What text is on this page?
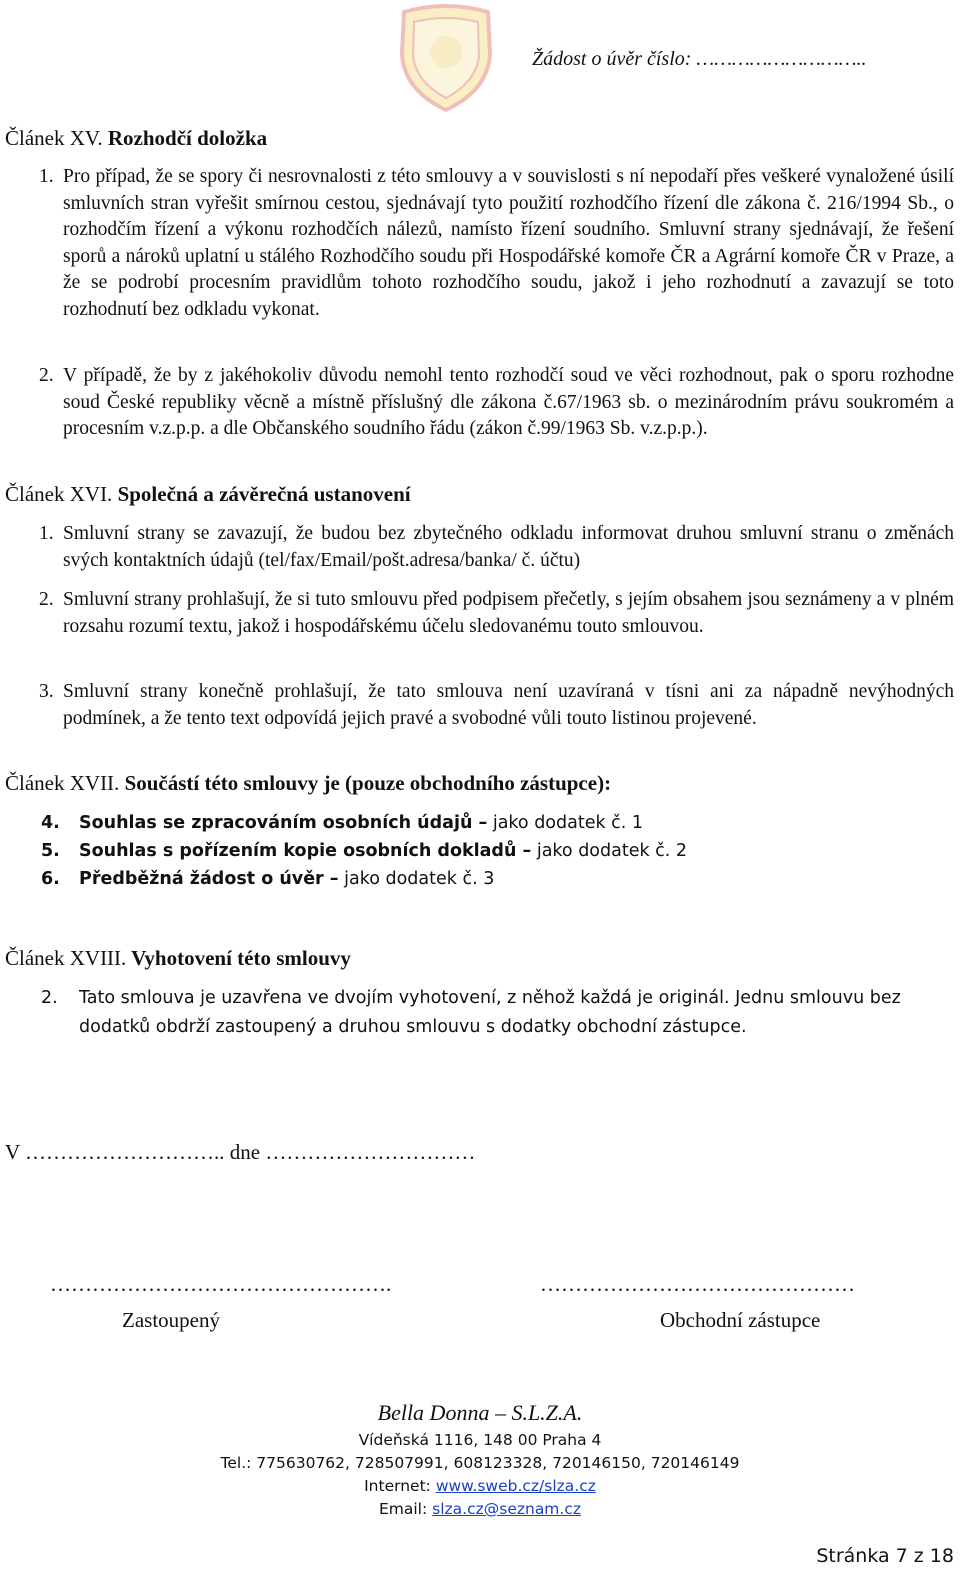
Žádost o úvěr číslo: ………………………..
Článek XV. Rozhodčí doložka

1. Pro případ, že se spory či nesrovnalosti z této smlouvy a v souvislosti s ní nepodaří přes veškeré vynaložené úsilí smluvních stran vyřešit smírnou cestou, sjednávají tyto použití rozhodčího řízení dle zákona č. 216/1994 Sb., o rozhodčím řízení a výkonu rozhodčích nálezů, namísto řízení soudního. Smluvní strany sjednávají, že řešení sporů a nároků uplatní u stálého Rozhodčího soudu při Hospodářské komoře ČR a Agrární komoře ČR v Praze, a že se podrobí procesním pravidlům tohoto rozhodčího soudu, jakož i jeho rozhodnutí a zavazují se toto rozhodnutí bez odkladu vykonat.

2. V případě, že by z jakéhokoliv důvodu nemohl tento rozhodčí soud ve věci rozhodnout, pak o sporu rozhodne soud České republiky věcně a místně příslušný dle zákona č.67/1963 sb. o mezinárodním právu soukromém a procesním v.z.p.p. a dle Občanského soudního řádu (zákon č.99/1963 Sb. v.z.p.p.).

Článek XVI. Společná a závěrečná ustanovení

1. Smluvní strany se zavazují, že budou bez zbytečného odkladu informovat druhou smluvní stranu o změnách svých kontaktních údajů (tel/fax/Email/pošt.adresa/banka/ č. účtu)

2. Smluvní strany prohlašují, že si tuto smlouvu před podpisem přečetly, s jejím obsahem jsou seznámeny a v plném rozsahu rozumí textu, jakož i hospodářskému účelu sledovanému touto smlouvou.

3. Smluvní strany konečně prohlašují, že tato smlouva není uzavíraná v tísni ani za nápadně nevýhodných podmínek, a že tento text odpovídá jejich pravé a svobodné vůli touto listinou projevené.

Článek XVII. Součástí této smlouvy je (pouze obchodního zástupce):

4. Souhlas se zpracováním osobních údajů – jako dodatek č. 1

5. Souhlas s pořízením kopie osobních dokladů – jako dodatek č. 2

6. Předběžná žádost o úvěr – jako dodatek č. 3

Článek XVIII. Vyhotovení této smlouvy

2. Tato smlouva je uzavřena ve dvojím vyhotovení, z něhož každá je originál. Jednu smlouvu bez dodatků obdrží zastoupený a druhou smlouvu s dodatky obchodní zástupce.

V ……………………….. dne …………………………
………………………………………….	………………………………………
Zastoupený	Obchodní zástupce
Bella Donna – S.L.Z.A.
Vídeňská 1116, 148 00 Praha 4
Tel.: 775630762, 728507991, 608123328, 720146150, 720146149
Internet: www.sweb.cz/slza.cz
Email: slza.cz@seznam.cz
Stránka 7 z 18
